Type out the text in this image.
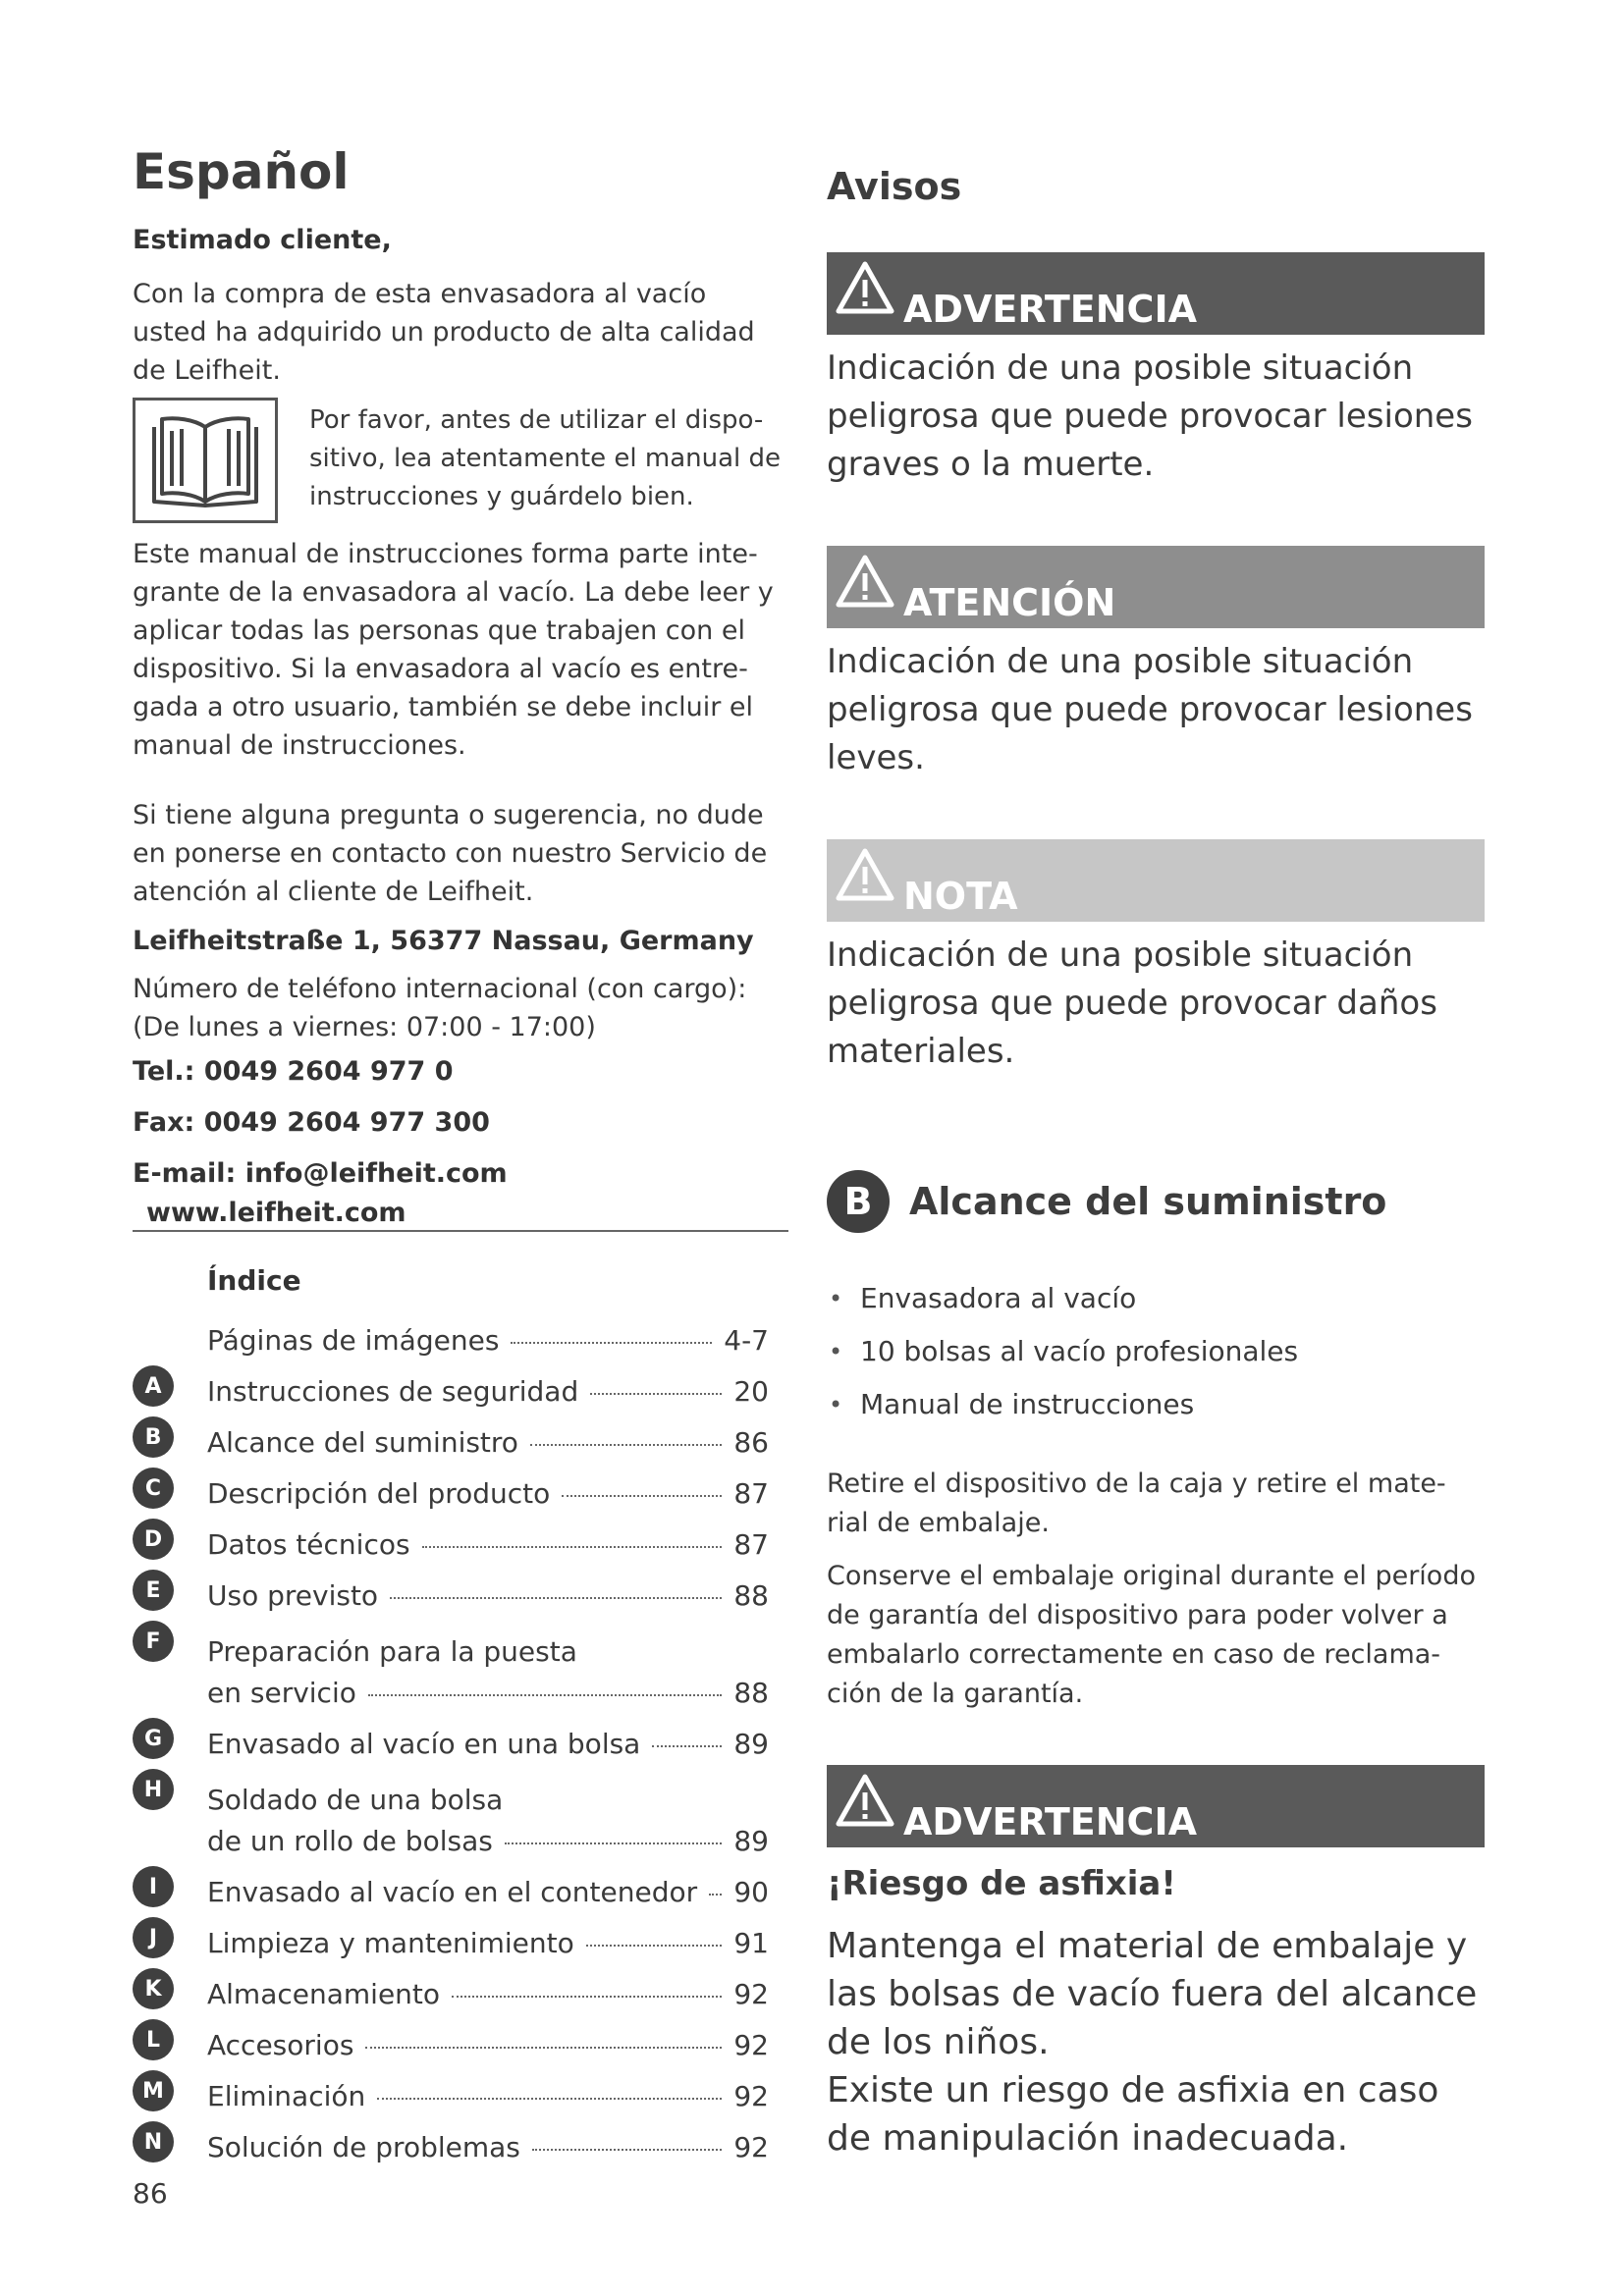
Español

Estimado cliente,

Con la compra de esta envasadora al vacío usted ha adquirido un producto de alta calidad de Leifheit.

Por favor, antes de utilizar el dispo-sitivo, lea atentamente el manual de instrucciones y guárdelo bien.

Este manual de instrucciones forma parte inte-grante de la envasadora al vacío. La debe leer y aplicar todas las personas que trabajen con el dispositivo. Si la envasadora al vacío es entre-gada a otro usuario, también se debe incluir el manual de instrucciones.

Si tiene alguna pregunta o sugerencia, no dude en ponerse en contacto con nuestro Servicio de atención al cliente de Leifheit.

Leifheitstraße 1, 56377 Nassau, Germany

Número de teléfono internacional (con cargo):

(De lunes a viernes: 07:00 - 17:00)

Tel.: 0049 2604 977 0

Fax: 0049 2604 977 300

E-mail: info@leifheit.com

www.leifheit.com

Índice
Páginas de imágenes	4-7
A	Instrucciones de seguridad	20
B	Alcance del suministro	86
C	Descripción del producto	87
D	Datos técnicos	87
E	Uso previsto	88
F	Preparación para la puesta
en servicio	88
G	Envasado al vacío en una bolsa	89
H	Soldado de una bolsa
de un rollo de bolsas	89
I	Envasado al vacío en el contenedor 90
J	Limpieza y mantenimiento	91
K	Almacenamiento	92
L	Accesorios	92
M	Eliminación	92
N	Solución de problemas	92
86
Avisos
ADVERTENCIA

Indicación de una posible situación peligrosa que puede provocar lesiones graves o la muerte.

ATENCIÓN

Indicación de una posible situación peligrosa que puede provocar lesiones leves.

NOTA

Indicación de una posible situación peligrosa que puede provocar daños materiales.

B Alcance del suministro
• Envasadora al vacío
• 10 bolsas al vacío profesionales
• Manual de instrucciones

Retire el dispositivo de la caja y retire el mate-rial de embalaje.

Conserve el embalaje original durante el período de garantía del dispositivo para poder volver a embalarlo correctamente en caso de reclama-ción de la garantía.

ADVERTENCIA

¡Riesgo de asfixia!

Mantenga el material de embalaje y las bolsas de vacío fuera del alcance de los niños.

Existe un riesgo de asfixia en caso de manipulación inadecuada.
